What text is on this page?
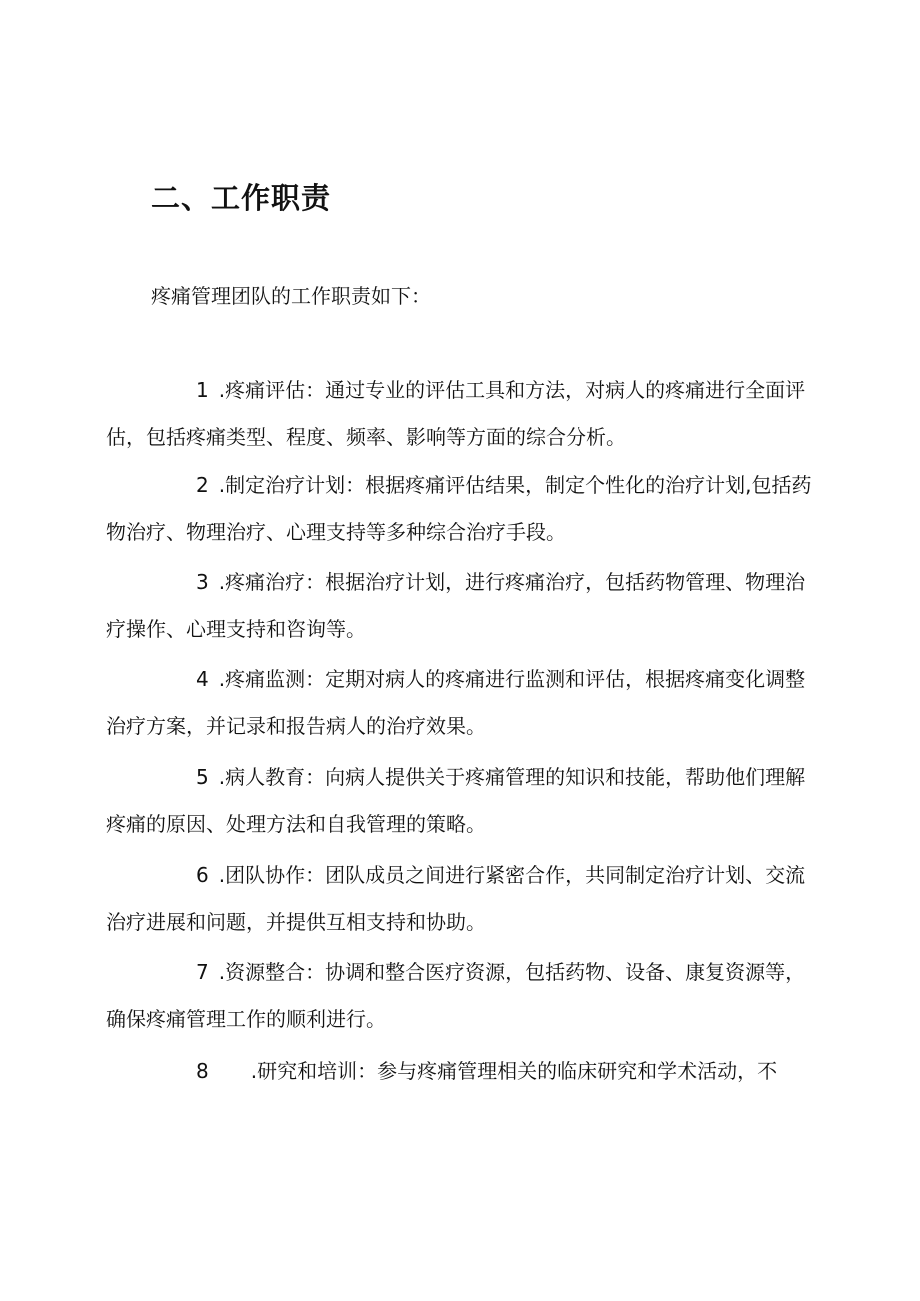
二、工作职责

疼痛管理团队的工作职责如下：

1 .疼痛评估：通过专业的评估工具和方法，对病人的疼痛进行全面评估，包括疼痛类型、程度、频率、影响等方面的综合分析。

2 .制定治疗计划：根据疼痛评估结果，制定个性化的治疗计划,包括药物治疗、物理治疗、心理支持等多种综合治疗手段。

3 .疼痛治疗：根据治疗计划，进行疼痛治疗，包括药物管理、物理治疗操作、心理支持和咨询等。

4 .疼痛监测：定期对病人的疼痛进行监测和评估，根据疼痛变化调整治疗方案，并记录和报告病人的治疗效果。

5 .病人教育：向病人提供关于疼痛管理的知识和技能，帮助他们理解疼痛的原因、处理方法和自我管理的策略。

6 .团队协作：团队成员之间进行紧密合作，共同制定治疗计划、交流治疗进展和问题，并提供互相支持和协助。

7 .资源整合：协调和整合医疗资源，包括药物、设备、康复资源等，确保疼痛管理工作的顺利进行。

8 .研究和培训：参与疼痛管理相关的临床研究和学术活动，不
